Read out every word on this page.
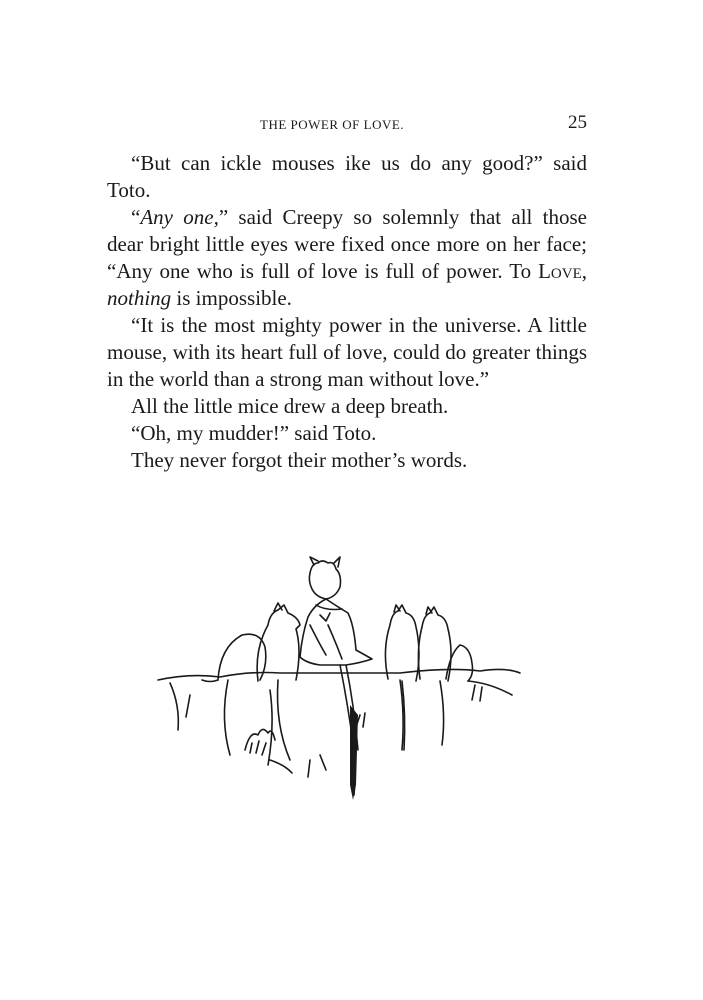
THE POWER OF LOVE.	25

“But can ickle mouses ike us do any good?” said Toto.

“Any one,” said Creepy so solemnly that all those dear bright little eyes were fixed once more on her face; “Any one who is full of love is full of power. To Love, nothing is impossible.

“It is the most mighty power in the universe. A little mouse, with its heart full of love, could do greater things in the world than a strong man without love.”

All the little mice drew a deep breath.

“Oh, my mudder!” said Toto.

They never forgot their mother’s words.
